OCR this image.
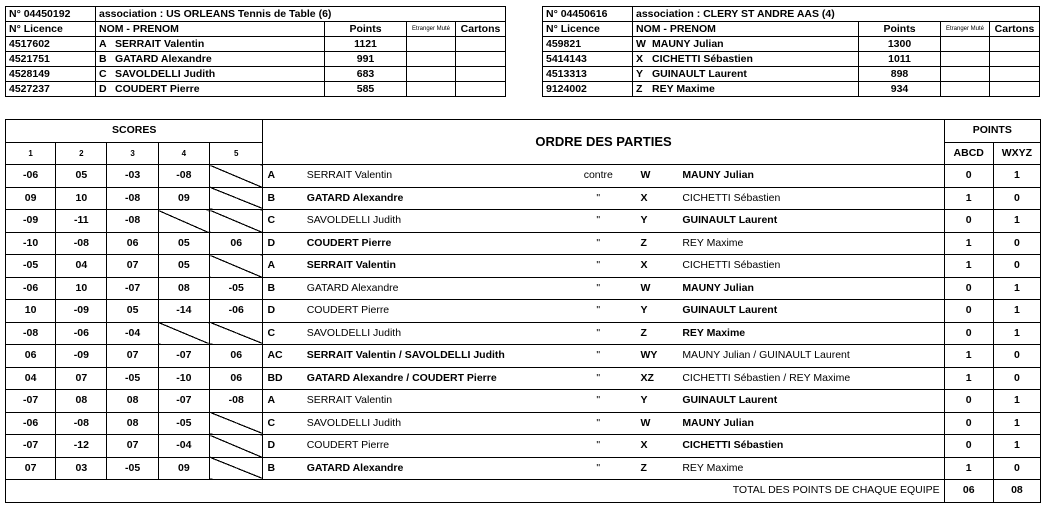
N° 04450192	association : US ORLEANS Tennis de Table (6)			
N° Licence	NOM - PRENOM	Points	Etranger Muté	Cartons
4517602	A SERRAIT Valentin	1121		
4521751	B GATARD Alexandre	991		
4528149	C SAVOLDELLI Judith	683		
4527237	D COUDERT Pierre	585		
N° 04450616	association : CLERY ST ANDRE AAS (4)			
N° Licence	NOM - PRENOM	Points	Etranger Muté	Cartons
459821	W MAUNY Julian	1300		
5414143	X CICHETTI Sébastien	1011		
4513313	Y GUINAULT Laurent	898		
9124002	Z REY Maxime	934		
SCORES					ORDRE DES PARTIES					POINTS	
1	2	3	4	5						ABCD	WXYZ
-06	05	-03	-08		A	SERRAIT Valentin	contre	W	MAUNY Julian	0	1
09	10	-08	09		B	GATARD Alexandre	"	X	CICHETTI Sébastien	1	0
-09	-11	-08			C	SAVOLDELLI Judith	"	Y	GUINAULT Laurent	0	1
-10	-08	06	05	06	D	COUDERT Pierre	"	Z	REY Maxime	1	0
-05	04	07	05		A	SERRAIT Valentin	"	X	CICHETTI Sébastien	1	0
-06	10	-07	08	-05	B	GATARD Alexandre	"	W	MAUNY Julian	0	1
10	-09	05	-14	-06	D	COUDERT Pierre	"	Y	GUINAULT Laurent	0	1
-08	-06	-04			C	SAVOLDELLI Judith	"	Z	REY Maxime	0	1
06	-09	07	-07	06	AC	SERRAIT Valentin / SAVOLDELLI Judith	"	WY	MAUNY Julian / GUINAULT Laurent	1	0
04	07	-05	-10	06	BD	GATARD Alexandre / COUDERT Pierre	"	XZ	CICHETTI Sébastien / REY Maxime	1	0
-07	08	08	-07	-08	A	SERRAIT Valentin	"	Y	GUINAULT Laurent	0	1
-06	-08	08	-05		C	SAVOLDELLI Judith	"	W	MAUNY Julian	0	1
-07	-12	07	-04		D	COUDERT Pierre	"	X	CICHETTI Sébastien	0	1
07	03	-05	09		B	GATARD Alexandre	"	Z	REY Maxime	1	0
TOTAL DES POINTS DE CHAQUE EQUIPE										06	08
